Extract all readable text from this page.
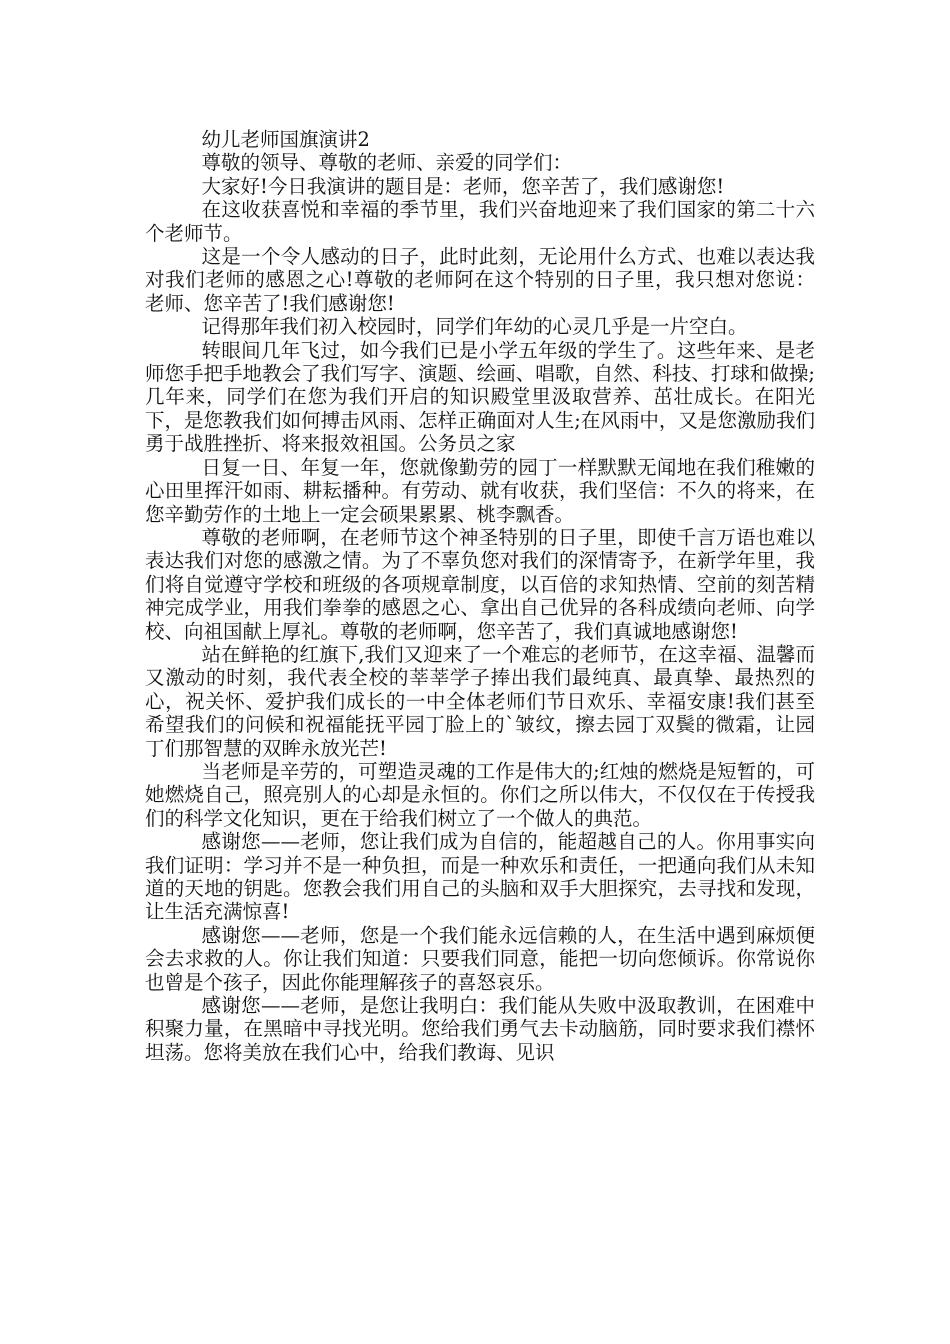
幼儿老师国旗演讲2

尊敬的领导、尊敬的老师、亲爱的同学们：

大家好!今日我演讲的题目是：老师，您辛苦了，我们感谢您!

在这收获喜悦和幸福的季节里，我们兴奋地迎来了我们国家的第二十六个老师节。

这是一个令人感动的日子，此时此刻，无论用什么方式、也难以表达我对我们老师的感恩之心!尊敬的老师阿在这个特别的日子里，我只想对您说：老师、您辛苦了!我们感谢您!

记得那年我们初入校园时，同学们年幼的心灵几乎是一片空白。

转眼间几年飞过，如今我们已是小学五年级的学生了。这些年来、是老师您手把手地教会了我们写字、演题、绘画、唱歌，自然、科技、打球和做操;几年来，同学们在您为我们开启的知识殿堂里汲取营养、茁壮成长。在阳光下，是您教我们如何搏击风雨、怎样正确面对人生;在风雨中，又是您激励我们勇于战胜挫折、将来报效祖国。公务员之家

日复一日、年复一年，您就像勤劳的园丁一样默默无闻地在我们稚嫩的心田里挥汗如雨、耕耘播种。有劳动、就有收获，我们坚信：不久的将来，在您辛勤劳作的土地上一定会硕果累累、桃李飘香。

尊敬的老师啊，在老师节这个神圣特别的日子里，即使千言万语也难以表达我们对您的感激之情。为了不辜负您对我们的深情寄予，在新学年里，我们将自觉遵守学校和班级的各项规章制度，以百倍的求知热情、空前的刻苦精神完成学业，用我们拳拳的感恩之心、拿出自己优异的各科成绩向老师、向学校、向祖国献上厚礼。尊敬的老师啊，您辛苦了，我们真诚地感谢您!

站在鲜艳的红旗下,我们又迎来了一个难忘的老师节，在这幸福、温馨而又激动的时刻，我代表全校的莘莘学子捧出我们最纯真、最真挚、最热烈的心，祝关怀、爱护我们成长的一中全体老师们节日欢乐、幸福安康!我们甚至希望我们的问候和祝福能抚平园丁脸上的`皱纹，擦去园丁双鬓的微霜，让园丁们那智慧的双眸永放光芒!

当老师是辛劳的，可塑造灵魂的工作是伟大的;红烛的燃烧是短暂的，可她燃烧自己，照亮别人的心却是永恒的。你们之所以伟大，不仅仅在于传授我们的科学文化知识，更在于给我们树立了一个做人的典范。

感谢您——老师，您让我们成为自信的，能超越自己的人。你用事实向我们证明：学习并不是一种负担，而是一种欢乐和责任，一把通向我们从未知道的天地的钥匙。您教会我们用自己的头脑和双手大胆探究，去寻找和发现，让生活充满惊喜!

感谢您——老师，您是一个我们能永远信赖的人，在生活中遇到麻烦便会去求救的人。你让我们知道：只要我们同意，能把一切向您倾诉。你常说你也曾是个孩子，因此你能理解孩子的喜怒哀乐。

感谢您——老师，是您让我明白：我们能从失败中汲取教训，在困难中积聚力量，在黑暗中寻找光明。您给我们勇气去卡动脑筋，同时要求我们襟怀坦荡。您将美放在我们心中，给我们教诲、见识
